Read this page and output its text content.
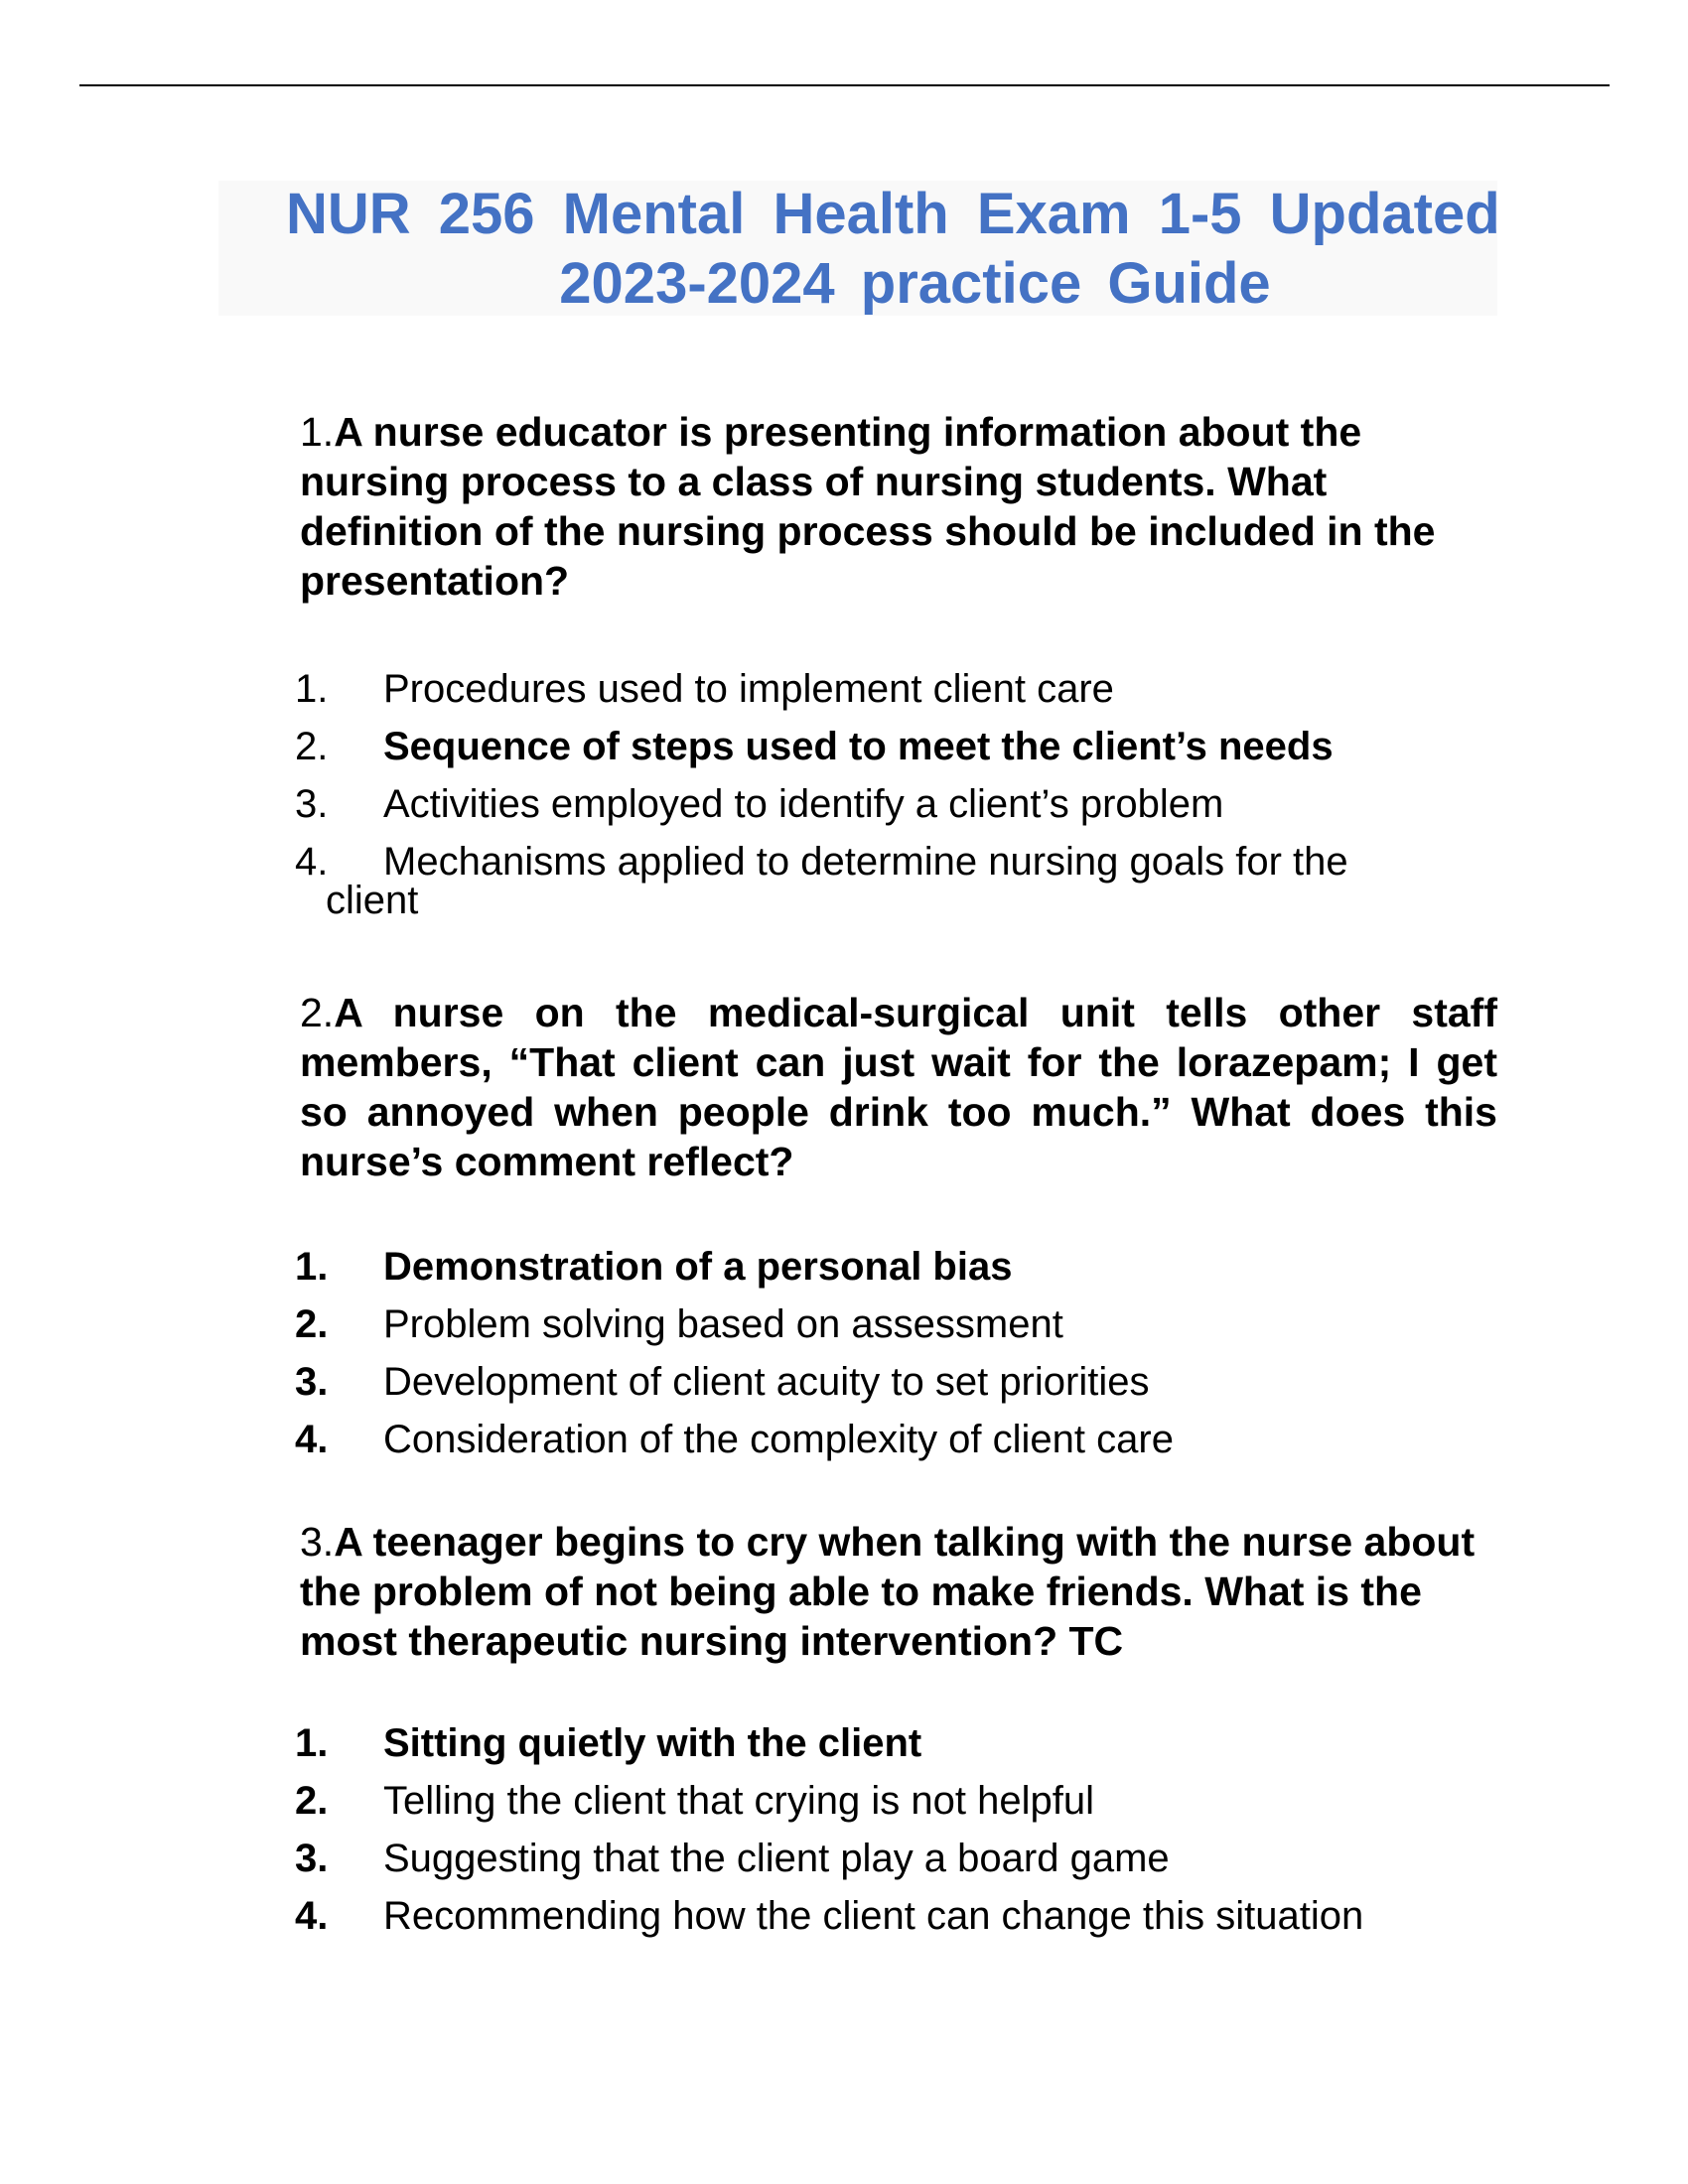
NUR 256 Mental Health Exam 1-5 Updated
2023-2024 practice Guide
1.A nurse educator is presenting information about the nursing process to a class of nursing students. What definition of the nursing process should be included in the presentation?
1.	Procedures used to implement client care
2.	Sequence of steps used to meet the client’s needs
3.	Activities employed to identify a client’s problem
4.	Mechanisms applied to determine nursing goals for the
client
2.A nurse on the medical-surgical unit tells other staff members, “That client can just wait for the lorazepam; I get so annoyed when people drink too much.” What does this nurse’s comment reflect?
1.	Demonstration of a personal bias
2.	Problem solving based on assessment
3.	Development of client acuity to set priorities
4.	Consideration of the complexity of client care
3.A teenager begins to cry when talking with the nurse about the problem of not being able to make friends. What is the most therapeutic nursing intervention? TC
1.	Sitting quietly with the client
2.	Telling the client that crying is not helpful
3.	Suggesting that the client play a board game
4.	Recommending how the client can change this situation
